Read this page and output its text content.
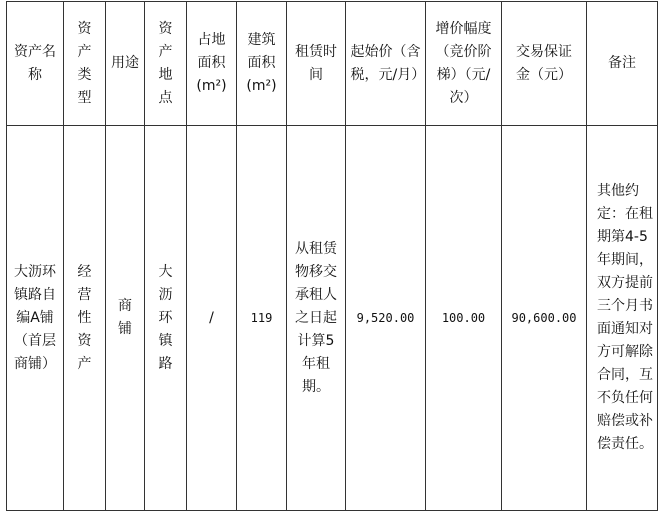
资产名称	资产类型	用途	资产地点	占地面积(m²)	建筑面积(m²)	租赁时间	起始价（含税，元/月）	增价幅度（竞价阶梯）（元/次）	交易保证金（元）	备注

大沥环镇路自编A铺（首层商铺）	经营性资产	商铺	大沥环镇路	/	119	从租赁物移交承租人之日起计算5年租期。	9,520.00	100.00	90,600.00	其他约定：在租期第4-5年期间，双方提前三个月书面通知对方可解除合同，互不负任何赔偿或补偿责任。
